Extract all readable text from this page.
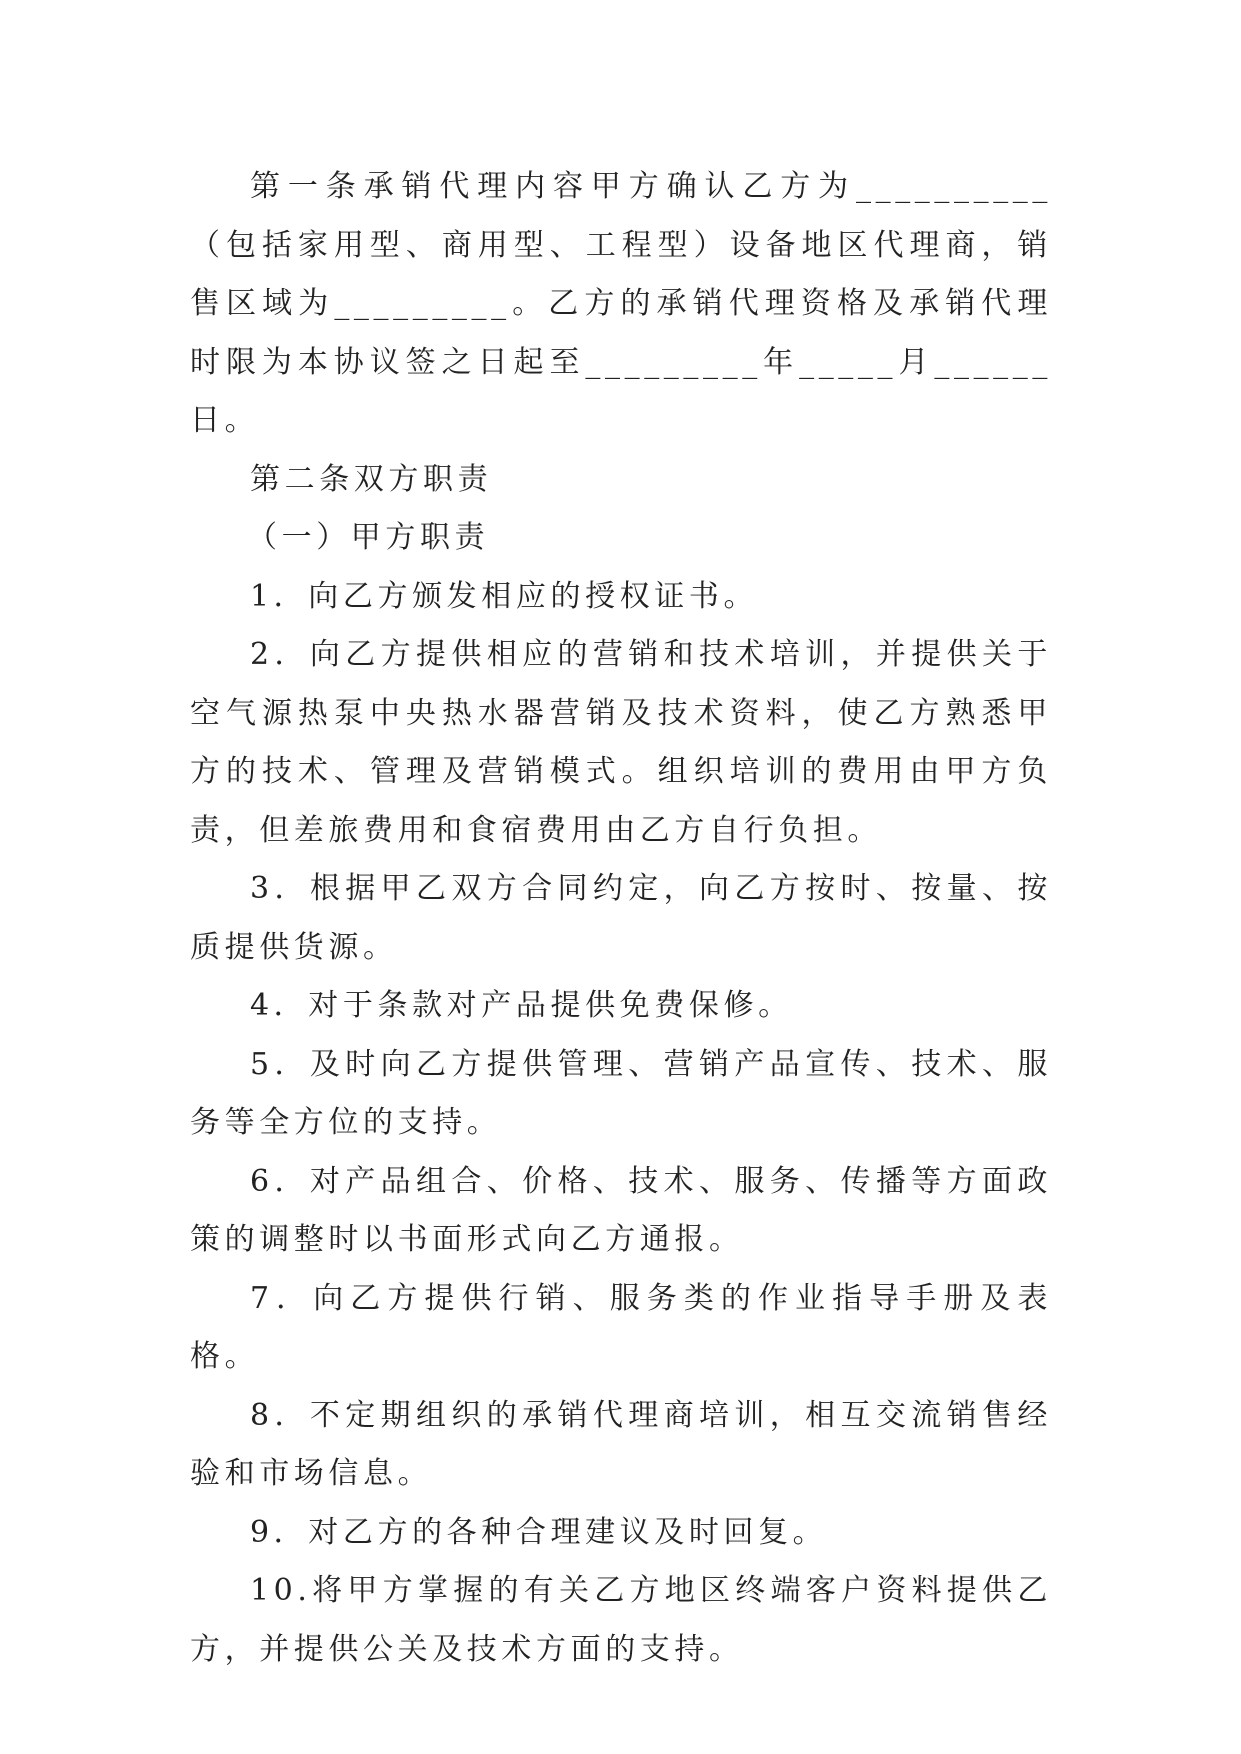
第一条承销代理内容甲方确认乙方为__________（包括家用型、商用型、工程型）设备地区代理商，销售区域为_________。乙方的承销代理资格及承销代理时限为本协议签之日起至_________年_____月______日。

第二条双方职责

（一）甲方职责

1．向乙方颁发相应的授权证书。

2．向乙方提供相应的营销和技术培训，并提供关于空气源热泵中央热水器营销及技术资料，使乙方熟悉甲方的技术、管理及营销模式。组织培训的费用由甲方负责，但差旅费用和食宿费用由乙方自行负担。

3．根据甲乙双方合同约定，向乙方按时、按量、按质提供货源。

4．对于条款对产品提供免费保修。

5．及时向乙方提供管理、营销产品宣传、技术、服务等全方位的支持。

6．对产品组合、价格、技术、服务、传播等方面政策的调整时以书面形式向乙方通报。

7．向乙方提供行销、服务类的作业指导手册及表格。

8．不定期组织的承销代理商培训，相互交流销售经验和市场信息。

9．对乙方的各种合理建议及时回复。

10.将甲方掌握的有关乙方地区终端客户资料提供乙方，并提供公关及技术方面的支持。
